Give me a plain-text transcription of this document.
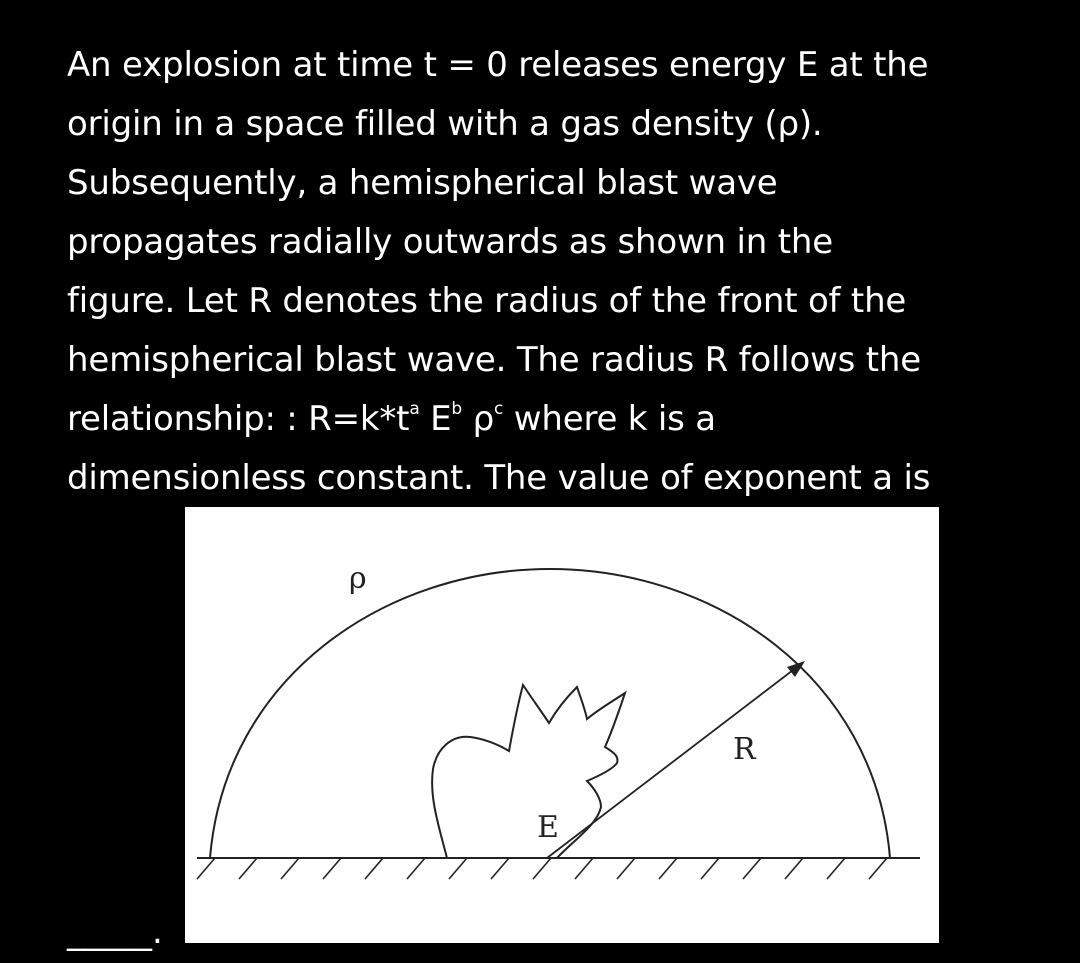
An explosion at time t = 0 releases energy E at the
origin in a space filled with a gas density (ρ).
Subsequently, a hemispherical blast wave
propagates radially outwards as shown in the
figure. Let R denotes the radius of the front of the
hemispherical blast wave. The radius R follows the
relationship: : $R=k*t^a$ $E^b$ $\rho^c$ where k is a
dimensionless constant. The value of exponent a is
ρ
R
E
_____.
